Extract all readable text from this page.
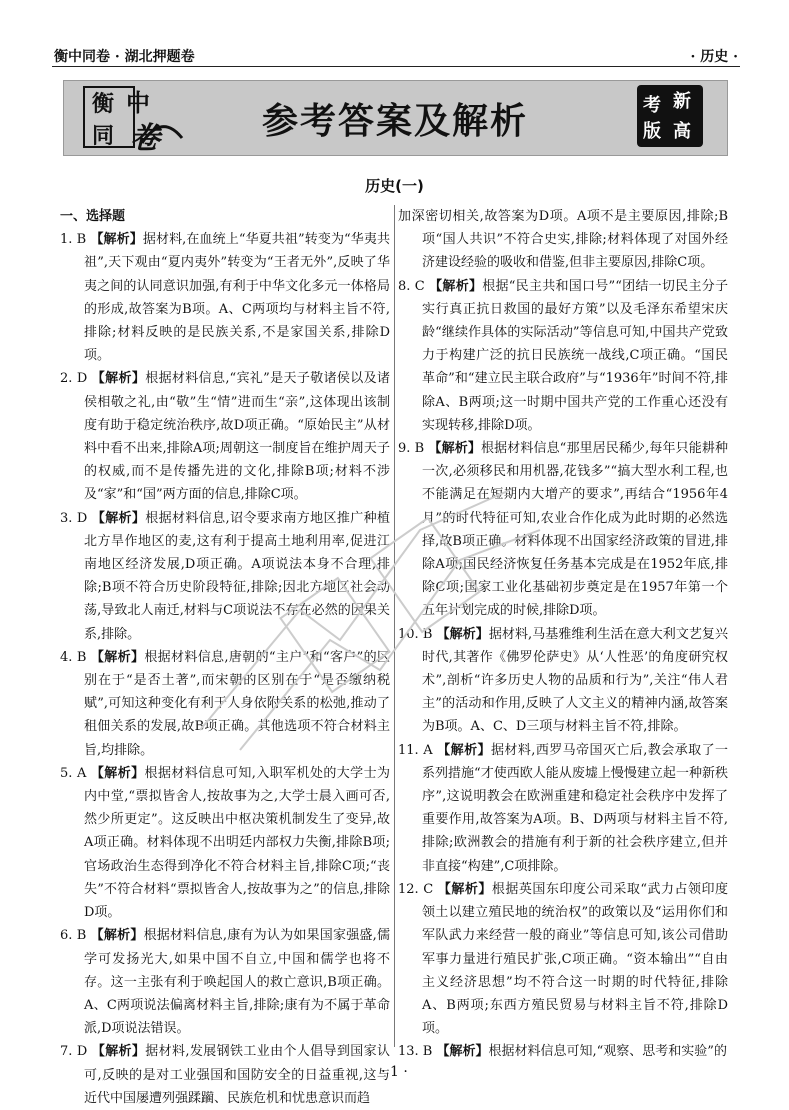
衡中同卷 · 湖北押题卷	· 历史 ·
衡 中
同 卷	参考答案及解析	考 新
版 高
历史(一)
一、选择题

1. B 【解析】据材料,在血统上“华夏共祖”转变为“华夷共祖”,天下观由“夏内夷外”转变为“王者无外”,反映了华夷之间的认同意识加强,有利于中华文化多元一体格局的形成,故答案为B项。A、C两项均与材料主旨不符,排除;材料反映的是民族关系,不是家国关系,排除D项。

2. D 【解析】根据材料信息,“宾礼”是天子敬诸侯以及诸侯相敬之礼,由“敬”生“情”进而生“亲”,这体现出该制度有助于稳定统治秩序,故D项正确。“原始民主”从材料中看不出来,排除A项;周朝这一制度旨在维护周天子的权威,而不是传播先进的文化,排除B项;材料不涉及“家”和“国”两方面的信息,排除C项。

3. D 【解析】根据材料信息,诏令要求南方地区推广种植北方旱作地区的麦,这有利于提高土地利用率,促进江南地区经济发展,D项正确。A项说法本身不合理,排除;B项不符合历史阶段特征,排除;因北方地区社会动荡,导致北人南迁,材料与C项说法不存在必然的因果关系,排除。

4. B 【解析】根据材料信息,唐朝的“主户”和“客户”的区别在于“是否土著”,而宋朝的区别在于“是否缴纳税赋”,可知这种变化有利于人身依附关系的松弛,推动了租佃关系的发展,故B项正确。其他选项不符合材料主旨,均排除。

5. A 【解析】根据材料信息可知,入职军机处的大学士为内中堂,“票拟皆舍人,按故事为之,大学士晨入画可否,然少所更定”。这反映出中枢决策机制发生了变异,故A项正确。材料体现不出明廷内部权力失衡,排除B项;官场政治生态得到净化不符合材料主旨,排除C项;“丧失”不符合材料“票拟皆舍人,按故事为之”的信息,排除D项。

6. B 【解析】根据材料信息,康有为认为如果国家强盛,儒学可发扬光大,如果中国不自立,中国和儒学也将不存。这一主张有利于唤起国人的救亡意识,B项正确。A、C两项说法偏离材料主旨,排除;康有为不属于革命派,D项说法错误。

7. D 【解析】据材料,发展钢铁工业由个人倡导到国家认可,反映的是对工业强国和国防安全的日益重视,这与近代中国屡遭列强蹂躏、民族危机和忧患意识而趋

加深密切相关,故答案为D项。A项不是主要原因,排除;B项“国人共识”不符合史实,排除;材料体现了对国外经济建设经验的吸收和借鉴,但非主要原因,排除C项。

8. C 【解析】根据“民主共和国口号”“团结一切民主分子实行真正抗日救国的最好方策”以及毛泽东希望宋庆龄“继续作具体的实际活动”等信息可知,中国共产党致力于构建广泛的抗日民族统一战线,C项正确。“国民革命”和“建立民主联合政府”与“1936年”时间不符,排除A、B两项;这一时期中国共产党的工作重心还没有实现转移,排除D项。

9. B 【解析】根据材料信息“那里居民稀少,每年只能耕种一次,必须移民和用机器,花钱多”“搞大型水利工程,也不能满足在短期内大增产的要求”,再结合“1956年4月”的时代特征可知,农业合作化成为此时期的必然选择,故B项正确。材料体现不出国家经济政策的冒进,排除A项;国民经济恢复任务基本完成是在1952年底,排除C项;国家工业化基础初步奠定是在1957年第一个五年计划完成的时候,排除D项。

10. B 【解析】据材料,马基雅维利生活在意大利文艺复兴时代,其著作《佛罗伦萨史》从‘人性恶’的角度研究权术”,剖析“许多历史人物的品质和行为”,关注“伟人君主”的活动和作用,反映了人文主义的精神内涵,故答案为B项。A、C、D三项与材料主旨不符,排除。

11. A 【解析】据材料,西罗马帝国灭亡后,教会承取了一系列措施“才使西欧人能从废墟上慢慢建立起一种新秩序”,这说明教会在欧洲重建和稳定社会秩序中发挥了重要作用,故答案为A项。B、D两项与材料主旨不符,排除;欧洲教会的措施有利于新的社会秩序建立,但并非直接“构建”,C项排除。

12. C 【解析】根据英国东印度公司采取“武力占领印度领土以建立殖民地的统治权”的政策以及“运用你们和军队武力来经营一般的商业”等信息可知,该公司借助军事力量进行殖民扩张,C项正确。“资本输出”“自由主义经济思想”均不符合这一时期的时代特征,排除A、B两项;东西方殖民贸易与材料主旨不符,排除D项。

13. B 【解析】根据材料信息可知,“观察、思考和实验”的

· 1 ·
